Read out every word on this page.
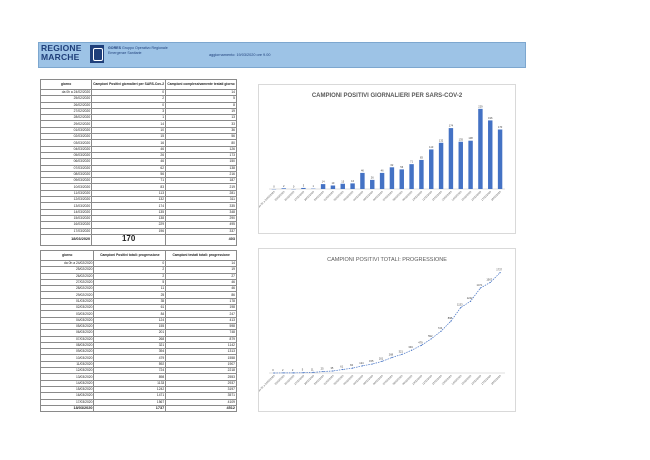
REGIONE
MARCHE
GORES Gruppo Operativo Regionale
Emergenze Sanitarie	aggiornamento: 19/03/2020 ore 9.00
giorno	Campioni Positivi giornalieri per SARS-Cov-2	Campioni complessivamente testati giorno
da 0h a 24/02/2020	0	14
25/02/2020	2	5
26/02/2020	0	8
27/02/2020	3	19
28/02/2020	1	13
29/02/2020	14	33
01/03/2020	10	36
02/03/2020	15	56
03/03/2020	16	80
04/03/2020	46	126
05/03/2020	26	173
06/03/2020	46	150
07/03/2020	62	138
08/03/2020	56	216
09/03/2020	71	187
10/03/2020	83	219
11/03/2020	113	281
12/03/2020	132	311
13/03/2020	174	335
14/03/2020	135	348
15/03/2020	138	290
16/03/2020	229	495
17/03/2020	196	337
18/03/2020	170	403
giorno	Campioni Positivi totali: progressione	Campioni testati totali: progressione
da 0h a 24/02/2020	0	14
25/02/2020	2	19
26/02/2020	2	27
27/02/2020	5	46
28/02/2020	11	46
29/02/2020	25	86
01/03/2020	35	178
02/03/2020	61	198
03/03/2020	84	247
04/03/2020	124	413
05/03/2020	155	598
06/03/2020	201	748
07/03/2020	268	879
08/03/2020	321	1142
09/03/2020	394	1313
10/03/2020	479	1558
11/03/2020	592	1907
12/03/2020	724	2218
13/03/2020	898	2553
14/03/2020	1133	2937
15/03/2020	1242	3197
16/03/2020	1471	3571
17/03/2020	1567	4109
18/03/2020	1737	4512
CAMPIONI POSITIVI GIORNALIERI PER SARS-COV-2
0
da 0h a 24/02/2020
2
25/02/2020
0
26/02/2020
3
27/02/2020
1
28/02/2020
14
29/02/2020
10
01/03/2020
15
02/03/2020
16
03/03/2020
46
04/03/2020
26
05/03/2020
46
06/03/2020
62
07/03/2020
56
08/03/2020
71
09/03/2020
83
10/03/2020
113
11/03/2020
132
12/03/2020
174
13/03/2020
135
14/03/2020
138
15/03/2020
229
16/03/2020
196
17/03/2020
170
18/03/2020
CAMPIONI POSITIVI TOTALI: PROGRESSIONE
0
da 0h a 24/02/2020
2
25/02/2020
2
26/02/2020
5
27/02/2020
11
28/02/2020
25
29/02/2020
35
01/03/2020
61
02/03/2020
84
03/03/2020
124
04/03/2020
155
05/03/2020
201
06/03/2020
268
07/03/2020
321
08/03/2020
394
09/03/2020
479
10/03/2020
592
11/03/2020
724
12/03/2020
898
13/03/2020
1133
14/03/2020
1242
15/03/2020
1471
16/03/2020
1567
17/03/2020
1737
18/03/2020
